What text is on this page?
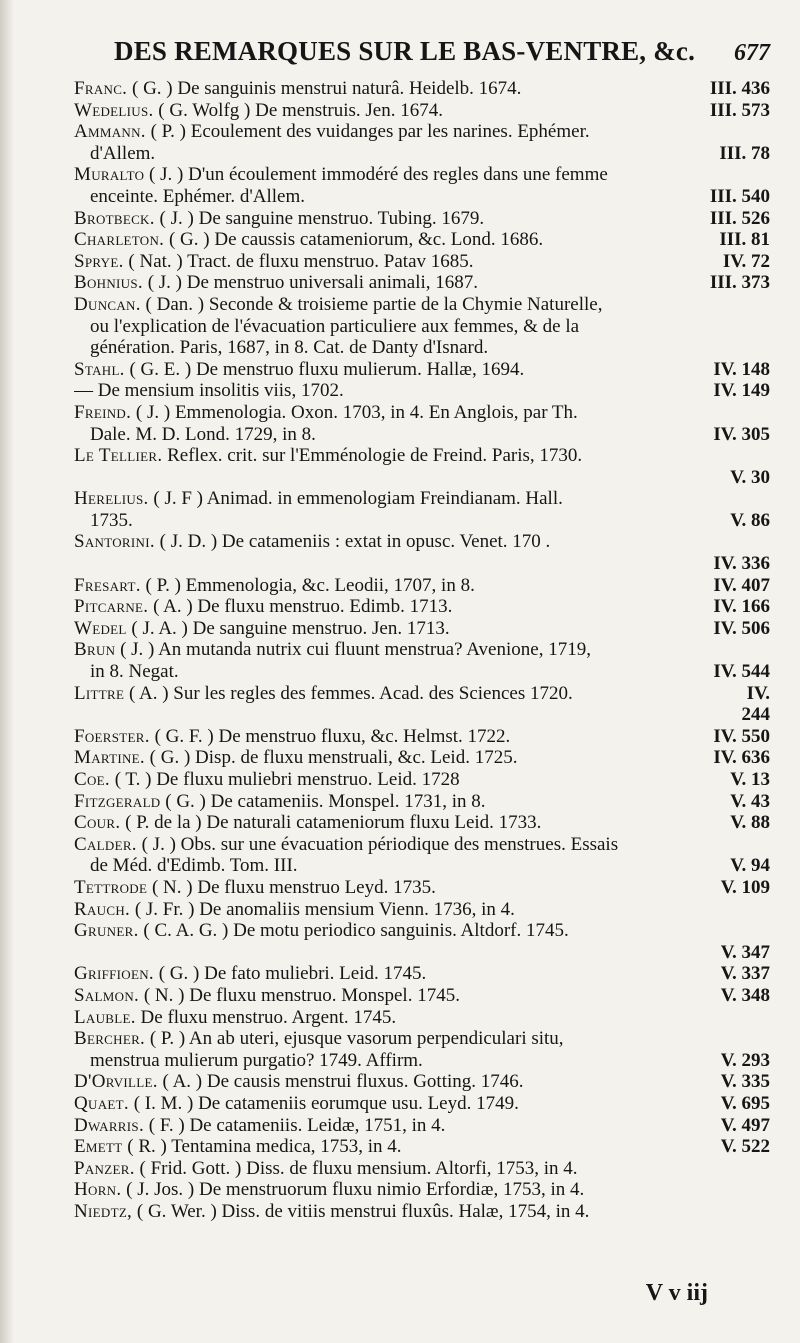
DES REMARQUES SUR LE BAS-VENTRE, &c. 677
Franc. ( G. ) De sanguinis menstrui naturâ. Heidelb. 1674.	III. 436
Wedelius. ( G. Wolfg ) De menstruis. Jen. 1674.	III. 573
Ammann. ( P. ) Ecoulement des vuidanges par les narines. Ephémer.
d'Allem.	III. 78
Muralto ( J. ) D'un écoulement immodéré des regles dans une femme
enceinte. Ephémer. d'Allem.	III. 540
Brotbeck. ( J. ) De sanguine menstruo. Tubing. 1679.	III. 526
Charleton. ( G. ) De caussis catameniorum, &c. Lond. 1686.	III. 81
Sprye. ( Nat. ) Tract. de fluxu menstruo. Patav 1685.	IV. 72
Bohnius. ( J. ) De menstruo universali animali, 1687.	III. 373
Duncan. ( Dan. ) Seconde & troisieme partie de la Chymie Naturelle,
ou l'explication de l'évacuation particuliere aux femmes, & de la
génération. Paris, 1687, in 8. Cat. de Danty d'Isnard.
Stahl. ( G. E. ) De menstruo fluxu mulierum. Hallæ, 1694.	IV. 148
— De mensium insolitis viis, 1702.	IV. 149
Freind. ( J. ) Emmenologia. Oxon. 1703, in 4. En Anglois, par Th.
Dale. M. D. Lond. 1729, in 8.	IV. 305
Le Tellier. Reflex. crit. sur l'Emménologie de Freind. Paris, 1730.
V. 30
Herelius. ( J. F ) Animad. in emmenologiam Freindianam. Hall.
1735.	V. 86
Santorini. ( J. D. ) De catameniis : extat in opusc. Venet. 170 .
IV. 336
Fresart. ( P. ) Emmenologia, &c. Leodii, 1707, in 8.	IV. 407
Pitcarne. ( A. ) De fluxu menstruo. Edimb. 1713.	IV. 166
Wedel ( J. A. ) De sanguine menstruo. Jen. 1713.	IV. 506
Brun ( J. ) An mutanda nutrix cui fluunt menstrua? Avenione, 1719,
in 8. Negat.	IV. 544
Littre ( A. ) Sur les regles des femmes. Acad. des Sciences 1720.	IV.
244
Foerster. ( G. F. ) De menstruo fluxu, &c. Helmst. 1722.	IV. 550
Martine. ( G. ) Disp. de fluxu menstruali, &c. Leid. 1725.	IV. 636
Coe. ( T. ) De fluxu muliebri menstruo. Leid. 1728	V. 13
Fitzgerald ( G. ) De catameniis. Monspel. 1731, in 8.	V. 43
Cour. ( P. de la ) De naturali catameniorum fluxu Leid. 1733.	V. 88
Calder. ( J. ) Obs. sur une évacuation périodique des menstrues. Essais
de Méd. d'Edimb. Tom. III.	V. 94
Tettrode ( N. ) De fluxu menstruo Leyd. 1735.	V. 109
Rauch. ( J. Fr. ) De anomaliis mensium Vienn. 1736, in 4.
Gruner. ( C. A. G. ) De motu periodico sanguinis. Altdorf. 1745.
V. 347
Griffioen. ( G. ) De fato muliebri. Leid. 1745.	V. 337
Salmon. ( N. ) De fluxu menstruo. Monspel. 1745.	V. 348
Lauble. De fluxu menstruo. Argent. 1745.
Bercher. ( P. ) An ab uteri, ejusque vasorum perpendiculari situ,
menstrua mulierum purgatio? 1749. Affirm.	V. 293
D'Orville. ( A. ) De causis menstrui fluxus. Gotting. 1746.	V. 335
Quaet. ( I. M. ) De catameniis eorumque usu. Leyd. 1749.	V. 695
Dwarris. ( F. ) De catameniis. Leidæ, 1751, in 4.	V. 497
Emett ( R. ) Tentamina medica, 1753, in 4.	V. 522
Panzer. ( Frid. Gott. ) Diss. de fluxu mensium. Altorfi, 1753, in 4.
Horn. ( J. Jos. ) De menstruorum fluxu nimio Erfordiæ, 1753, in 4.
Niedtz, ( G. Wer. ) Diss. de vitiis menstrui fluxûs. Halæ, 1754, in 4.
V v iij
